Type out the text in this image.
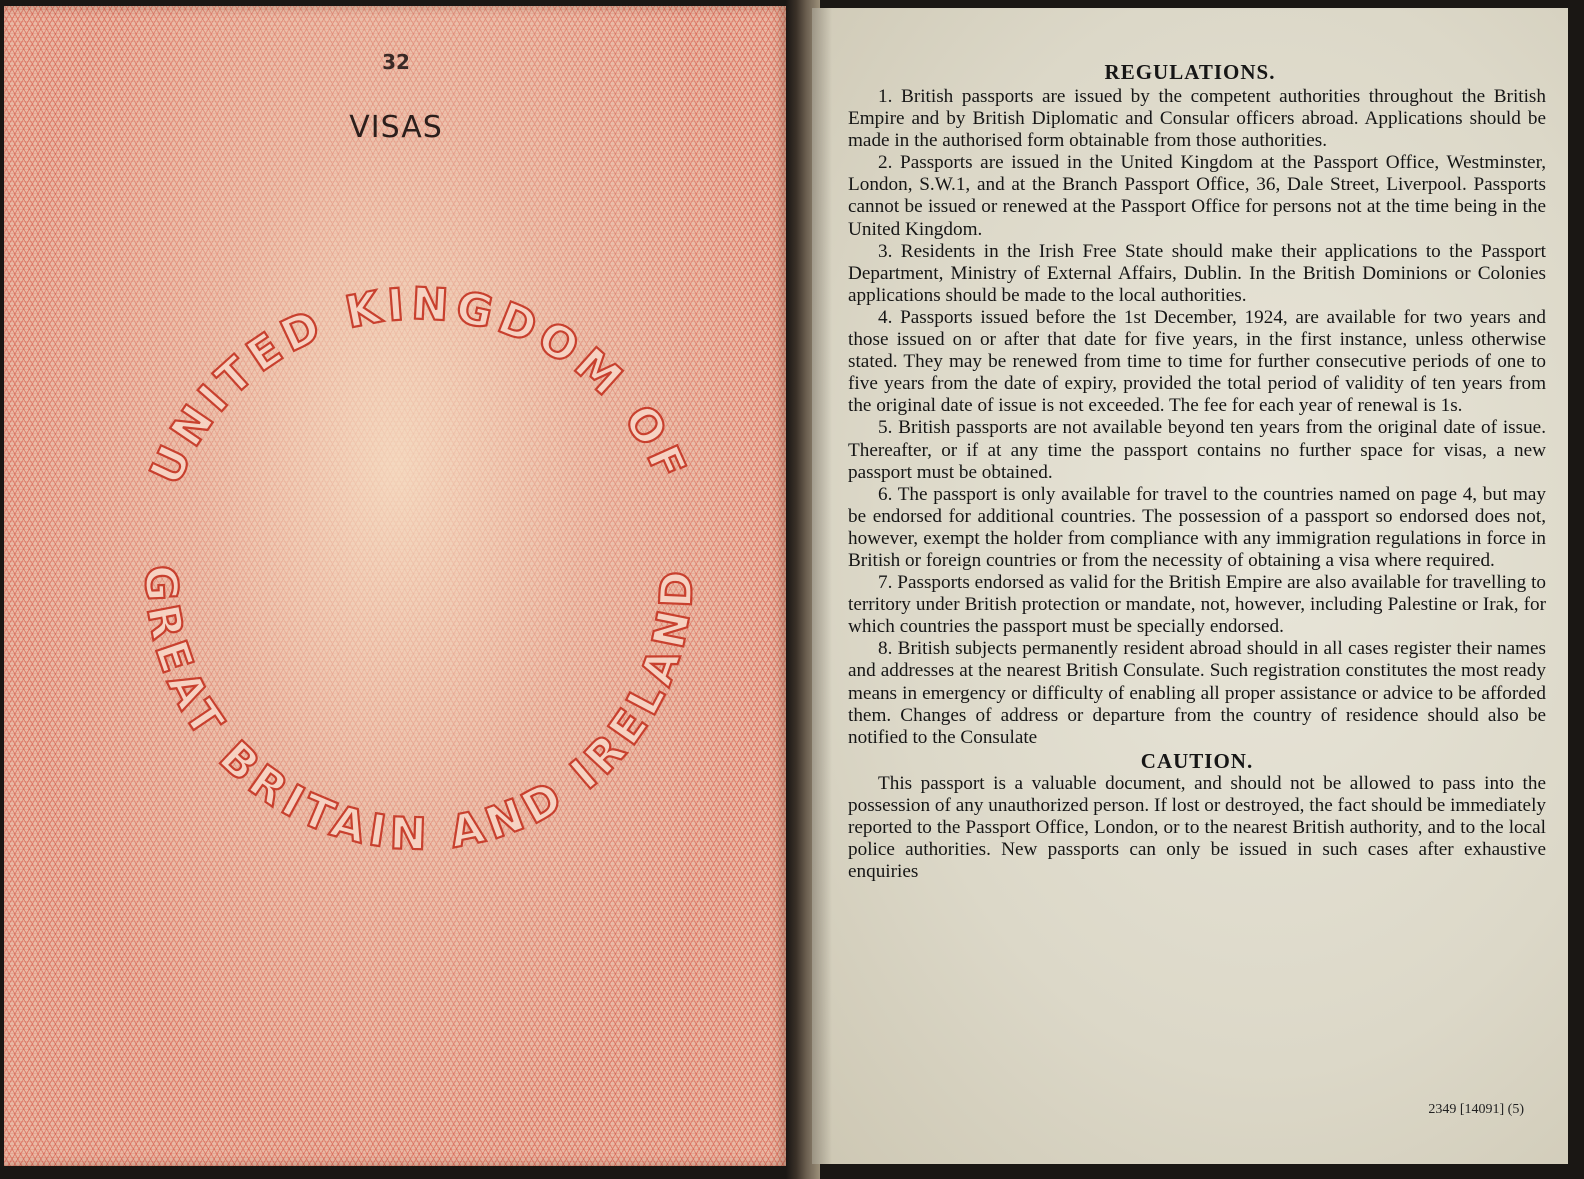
32
VISAS
UNITED KINGDOM OF
GREAT BRITAIN AND IRELAND
REGULATIONS.

1. British passports are issued by the competent authorities throughout the British Empire and by British Diplomatic and Consular officers abroad. Applications should be made in the authorised form obtainable from those authorities.

2. Passports are issued in the United Kingdom at the Passport Office, Westminster, London, S.W.1, and at the Branch Passport Office, 36, Dale Street, Liverpool. Passports cannot be issued or renewed at the Passport Office for persons not at the time being in the United Kingdom.

3. Residents in the Irish Free State should make their applications to the Passport Department, Ministry of External Affairs, Dublin. In the British Dominions or Colonies applications should be made to the local authorities.

4. Passports issued before the 1st December, 1924, are available for two years and those issued on or after that date for five years, in the first instance, unless otherwise stated. They may be renewed from time to time for further consecutive periods of one to five years from the date of expiry, provided the total period of validity of ten years from the original date of issue is not exceeded. The fee for each year of renewal is 1s.

5. British passports are not available beyond ten years from the original date of issue. Thereafter, or if at any time the passport contains no further space for visas, a new passport must be obtained.

6. The passport is only available for travel to the countries named on page 4, but may be endorsed for additional countries. The possession of a passport so endorsed does not, however, exempt the holder from compliance with any immigration regulations in force in British or foreign countries or from the necessity of obtaining a visa where required.

7. Passports endorsed as valid for the British Empire are also available for travelling to territory under British protection or mandate, not, however, including Palestine or Irak, for which countries the passport must be specially endorsed.

8. British subjects permanently resident abroad should in all cases register their names and addresses at the nearest British Consulate. Such registration constitutes the most ready means in emergency or difficulty of enabling all proper assistance or advice to be afforded them. Changes of address or departure from the country of residence should also be notified to the Consulate

CAUTION.

This passport is a valuable document, and should not be allowed to pass into the possession of any unauthorized person. If lost or destroyed, the fact should be immediately reported to the Passport Office, London, or to the nearest British authority, and to the local police authorities. New passports can only be issued in such cases after exhaustive enquiries

2349 [14091] (5)
